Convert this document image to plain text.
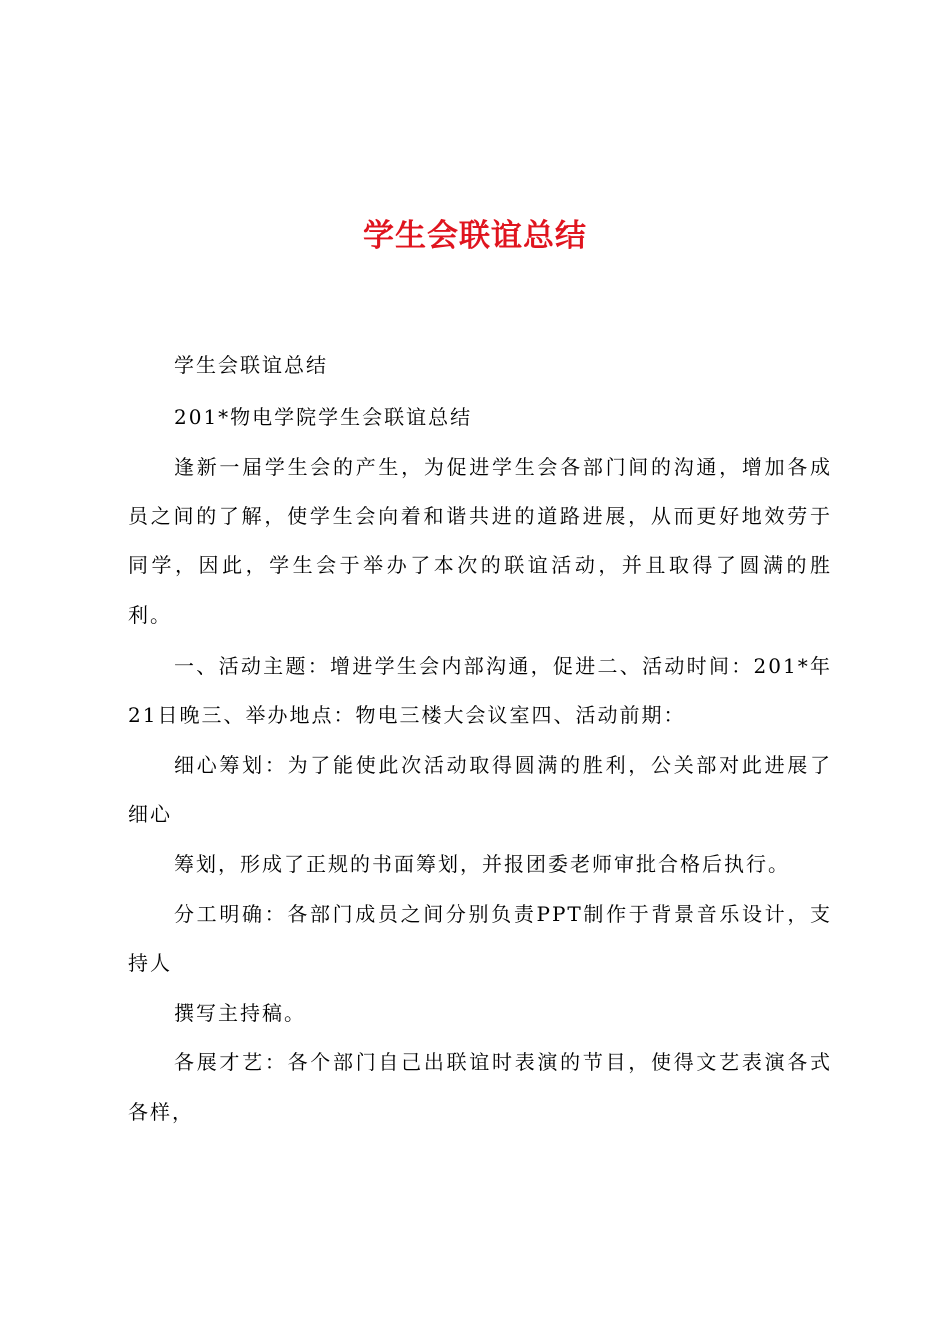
学生会联谊总结
学生会联谊总结
201*物电学院学生会联谊总结
逢新一届学生会的产生，为促进学生会各部门间的沟通，增加各成
员之间的了解，使学生会向着和谐共进的道路进展，从而更好地效劳于
同学，因此，学生会于举办了本次的联谊活动，并且取得了圆满的胜
利。
一、活动主题：增进学生会内部沟通，促进二、活动时间：201*年
21日晚三、举办地点：物电三楼大会议室四、活动前期：
细心筹划：为了能使此次活动取得圆满的胜利，公关部对此进展了
细心
筹划，形成了正规的书面筹划，并报团委老师审批合格后执行。
分工明确：各部门成员之间分别负责PPT制作于背景音乐设计，支
持人
撰写主持稿。
各展才艺：各个部门自己出联谊时表演的节目，使得文艺表演各式
各样，
